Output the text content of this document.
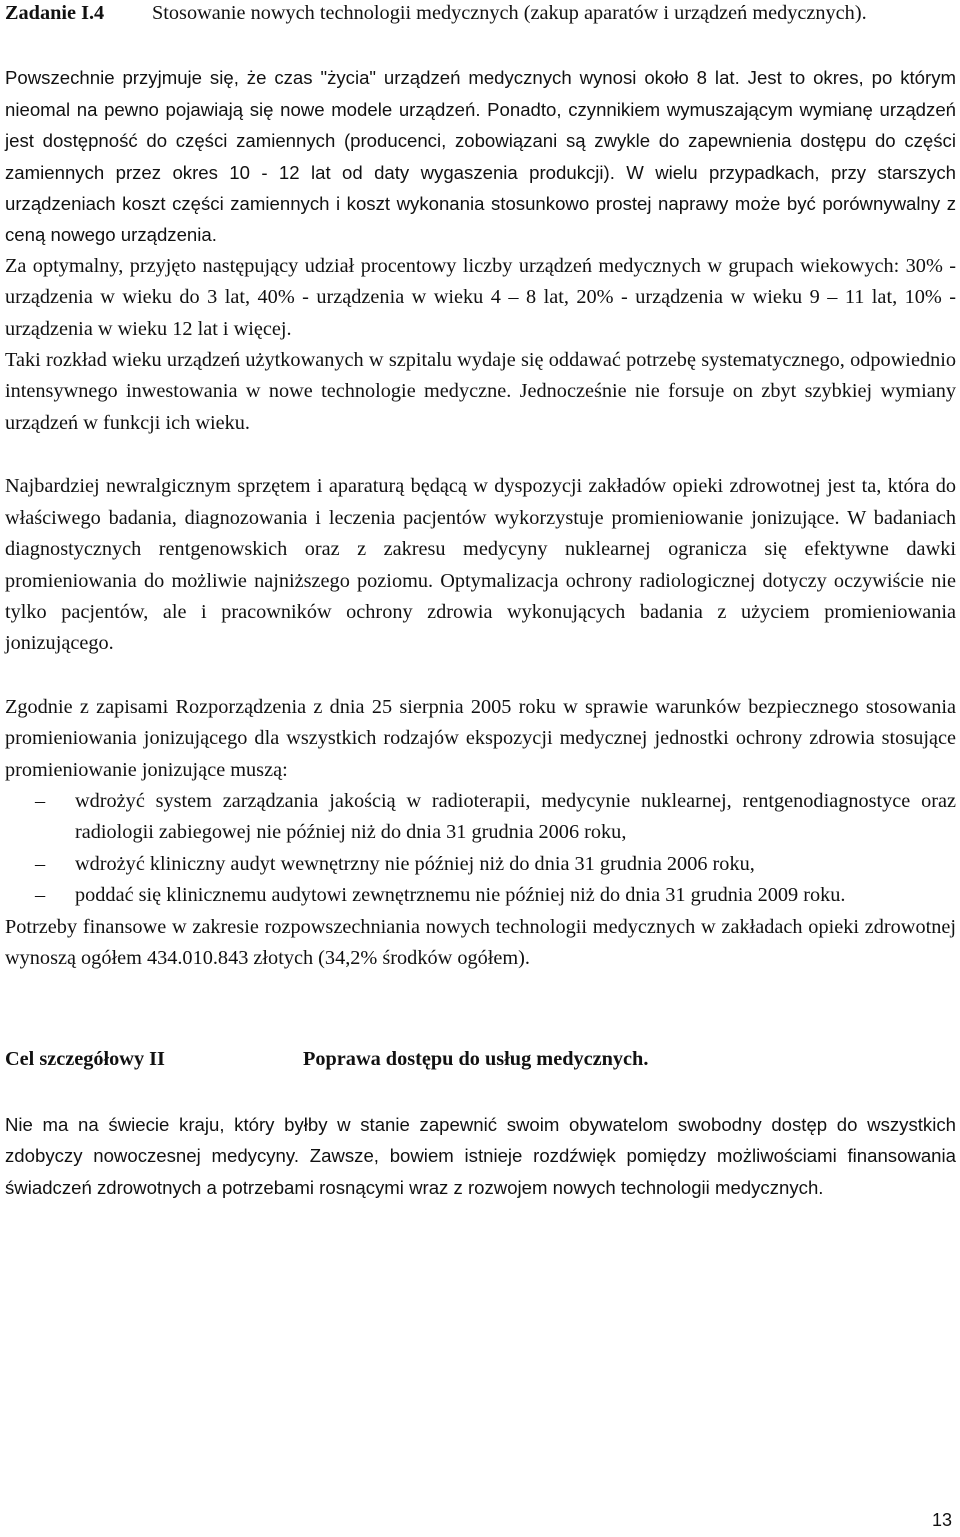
Zadanie I.4	Stosowanie nowych technologii medycznych (zakup aparatów i urządzeń medycznych).

Powszechnie przyjmuje się, że czas "życia" urządzeń medycznych wynosi około 8 lat. Jest to okres, po którym nieomal na pewno pojawiają się nowe modele urządzeń. Ponadto, czynnikiem wymuszającym wymianę urządzeń jest dostępność do części zamiennych (producenci, zobowiązani są zwykle do zapewnienia dostępu do części zamiennych przez okres 10 - 12 lat od daty wygaszenia produkcji). W wielu przypadkach, przy starszych urządzeniach koszt części zamiennych i koszt wykonania stosunkowo prostej naprawy może być porównywalny z ceną nowego urządzenia.

Za optymalny, przyjęto następujący udział procentowy liczby urządzeń medycznych w grupach wiekowych: 30% - urządzenia w wieku do 3 lat, 40% - urządzenia w wieku 4 – 8 lat, 20% - urządzenia w wieku 9 – 11 lat, 10% - urządzenia w wieku 12 lat i więcej.

Taki rozkład wieku urządzeń użytkowanych w szpitalu wydaje się oddawać potrzebę systematycznego, odpowiednio intensywnego inwestowania w nowe technologie medyczne. Jednocześnie nie forsuje on zbyt szybkiej wymiany urządzeń w funkcji ich wieku.

Najbardziej newralgicznym sprzętem i aparaturą będącą w dyspozycji zakładów opieki zdrowotnej jest ta, która do właściwego badania, diagnozowania i leczenia pacjentów wykorzystuje promieniowanie jonizujące. W badaniach diagnostycznych rentgenowskich oraz z zakresu medycyny nuklearnej ogranicza się efektywne dawki promieniowania do możliwie najniższego poziomu. Optymalizacja ochrony radiologicznej dotyczy oczywiście nie tylko pacjentów, ale i pracowników ochrony zdrowia wykonujących badania z użyciem promieniowania jonizującego.

Zgodnie z zapisami Rozporządzenia z dnia 25 sierpnia 2005 roku w sprawie warunków bezpiecznego stosowania promieniowania jonizującego dla wszystkich rodzajów ekspozycji medycznej jednostki ochrony zdrowia stosujące promieniowanie jonizujące muszą:

– wdrożyć system zarządzania jakością w radioterapii, medycynie nuklearnej, rentgenodiagnostyce oraz radiologii zabiegowej nie później niż do dnia 31 grudnia 2006 roku,
– wdrożyć kliniczny audyt wewnętrzny nie później niż do dnia 31 grudnia 2006 roku,
– poddać się klinicznemu audytowi zewnętrznemu nie później niż do dnia 31 grudnia 2009 roku.

Potrzeby finansowe w zakresie rozpowszechniania nowych technologii medycznych w zakładach opieki zdrowotnej wynoszą ogółem 434.010.843 złotych (34,2% środków ogółem).

Cel szczegółowy II	Poprawa dostępu do usług medycznych.

Nie ma na świecie kraju, który byłby w stanie zapewnić swoim obywatelom swobodny dostęp do wszystkich zdobyczy nowoczesnej medycyny. Zawsze, bowiem istnieje rozdźwięk pomiędzy możliwościami finansowania świadczeń zdrowotnych a potrzebami rosnącymi wraz z rozwojem nowych technologii medycznych.

13
